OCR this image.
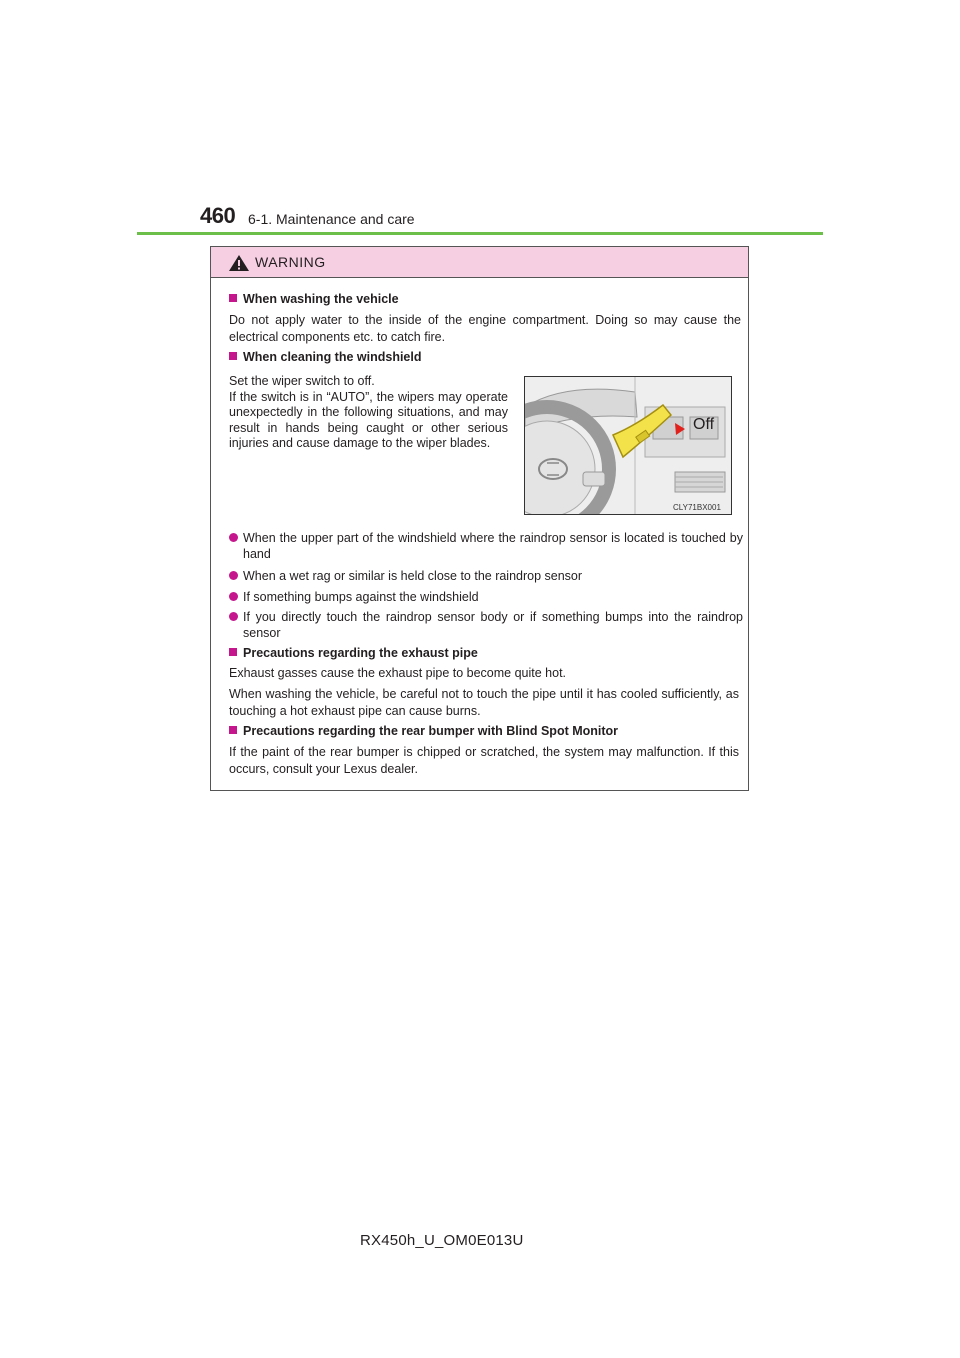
460 6-1. Maintenance and care
WARNING
When washing the vehicle
Do not apply water to the inside of the engine compartment. Doing so may cause the electrical components etc. to catch fire.
When cleaning the windshield

Set the wiper switch to off.

If the switch is in “AUTO”, the wipers may operate unexpectedly in the following situations, and may result in hands being caught or other serious injuries and cause damage to the wiper blades.

Off
CLY71BX001
When the upper part of the windshield where the raindrop sensor is located is touched by hand
When a wet rag or similar is held close to the raindrop sensor
If something bumps against the windshield
If you directly touch the raindrop sensor body or if something bumps into the raindrop sensor
Precautions regarding the exhaust pipe
Exhaust gasses cause the exhaust pipe to become quite hot.
When washing the vehicle, be careful not to touch the pipe until it has cooled sufficiently, as touching a hot exhaust pipe can cause burns.
Precautions regarding the rear bumper with Blind Spot Monitor
If the paint of the rear bumper is chipped or scratched, the system may malfunction. If this occurs, consult your Lexus dealer.
RX450h_U_OM0E013U
